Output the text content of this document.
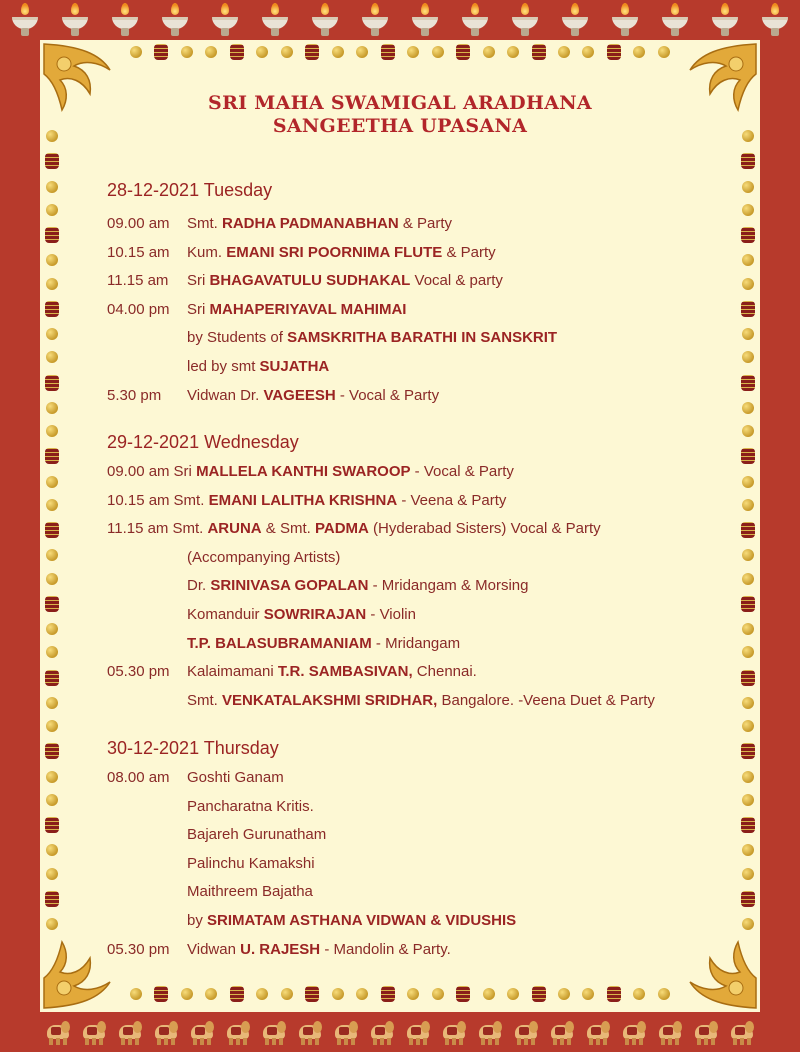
SRI MAHA SWAMIGAL ARADHANA
SANGEETHA UPASANA
28-12-2021 Tuesday
09.00 am Smt. RADHA PADMANABHAN & Party
10.15 am Kum. EMANI SRI POORNIMA FLUTE & Party
11.15 am Sri BHAGAVATULU SUDHAKAL Vocal & party
04.00 pm Sri MAHAPERIYAVAL MAHIMAI
by Students of SAMSKRITHA BARATHI IN SANSKRIT
led by smt SUJATHA
5.30 pm Vidwan Dr. VAGEESH - Vocal & Party
29-12-2021 Wednesday
09.00 am Sri MALLELA KANTHI SWAROOP - Vocal & Party
10.15 am Smt. EMANI LALITHA KRISHNA - Veena & Party
11.15 am Smt. ARUNA & Smt. PADMA (Hyderabad Sisters) Vocal & Party
(Accompanying Artists)
Dr. SRINIVASA GOPALAN - Mridangam & Morsing
Komanduir SOWRIRAJAN - Violin
T.P. BALASUBRAMANIAM - Mridangam
05.30 pm Kalaimamani T.R. SAMBASIVAN, Chennai.
Smt. VENKATALAKSHMI SRIDHAR, Bangalore. -Veena Duet & Party
30-12-2021 Thursday
08.00 am Goshti Ganam
Pancharatna Kritis.
Bajareh Gurunatham
Palinchu Kamakshi
Maithreem Bajatha
by SRIMATAM ASTHANA VIDWAN & VIDUSHIS
05.30 pm Vidwan U. RAJESH - Mandolin & Party.
